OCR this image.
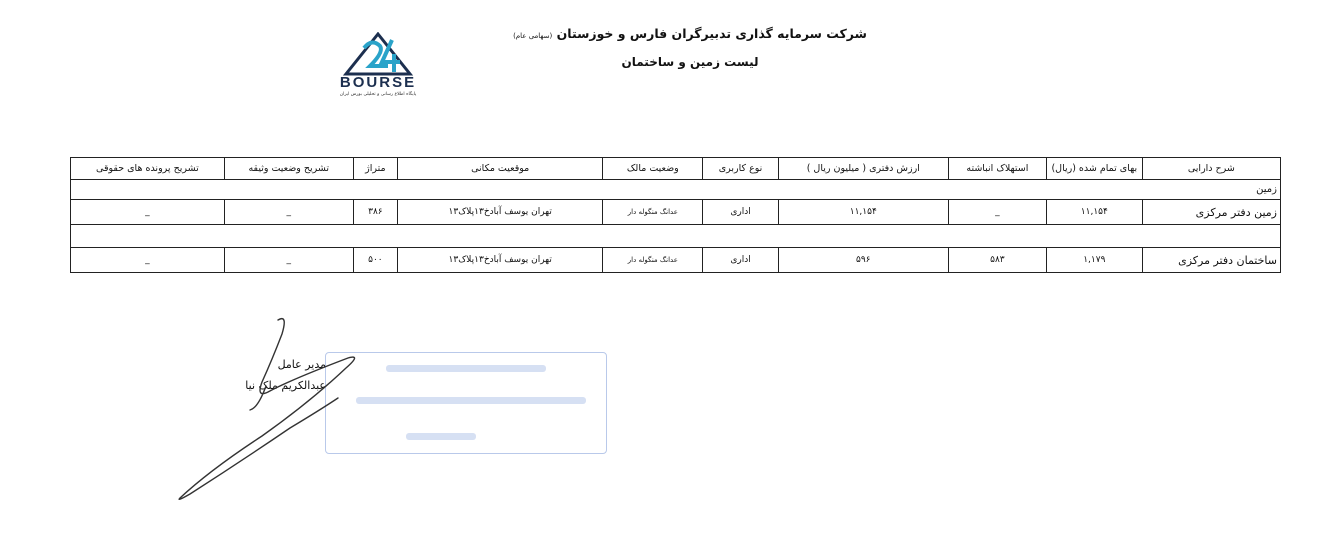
شرکت سرمایه گذاری تدبیرگران فارس و خوزستان (سهامی عام)
لیست زمین و ساختمان
BOURSE
پایگاه اطلاع رسانی و تحلیلی بورس ایران
شرح دارایی	بهای تمام شده (ریال)	استهلاک انباشته	ارزش دفتری ( میلیون ریال )	نوع کاربری	وضعیت مالک	موقعیت مکانی	متراژ	تشریح وضعیت وثیقه	تشریح پرونده های حقوقی
زمین									
زمین دفتر مرکزی	۱۱,۱۵۴	_	۱۱,۱۵۴	اداری	عدانگ منگوله دار	تهران یوسف آبادخ۱۳پلاک۱۳	۳۸۶	_	_

ساختمان دفتر مرکزی	۱,۱۷۹	۵۸۳	۵۹۶	اداری	عدانگ منگوله دار	تهران یوسف آبادخ۱۳پلاک۱۳	۵۰۰	_	_
مدیر عامل
عبدالکریم ملک نیا
